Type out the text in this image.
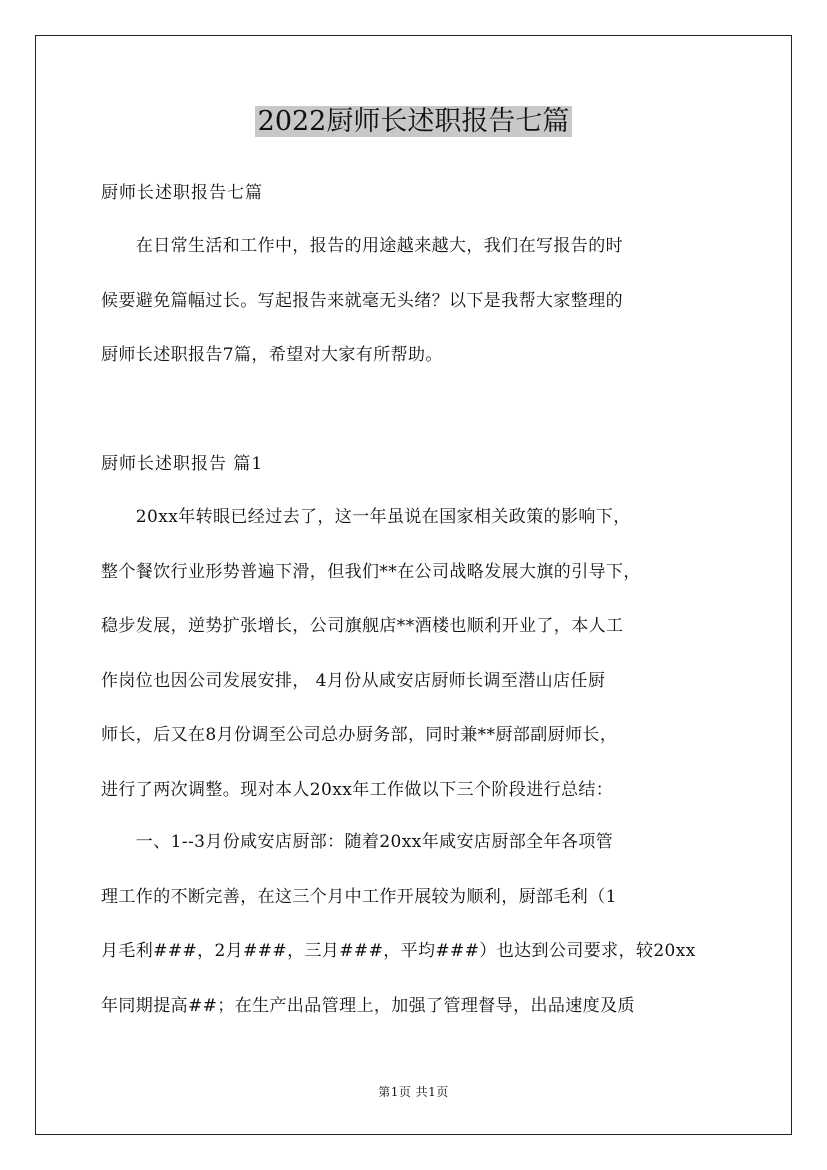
2022厨师长述职报告七篇
厨师长述职报告七篇
　　在日常生活和工作中，报告的用途越来越大，我们在写报告的时
候要避免篇幅过长。写起报告来就毫无头绪？以下是我帮大家整理的
厨师长述职报告7篇，希望对大家有所帮助。
厨师长述职报告 篇1
　　20xx年转眼已经过去了，这一年虽说在国家相关政策的影响下，
整个餐饮行业形势普遍下滑，但我们**在公司战略发展大旗的引导下，
稳步发展，逆势扩张增长，公司旗舰店**酒楼也顺利开业了，本人工
作岗位也因公司发展安排， 4月份从咸安店厨师长调至潜山店任厨
师长，后又在8月份调至公司总办厨务部，同时兼**厨部副厨师长，
进行了两次调整。现对本人20xx年工作做以下三个阶段进行总结：
　　一、1--3月份咸安店厨部：随着20xx年咸安店厨部全年各项管
理工作的不断完善，在这三个月中工作开展较为顺利，厨部毛利（1
月毛利###，2月###，三月###，平均###）也达到公司要求，较20xx
年同期提高##；在生产出品管理上，加强了管理督导，出品速度及质
第1页 共1页
